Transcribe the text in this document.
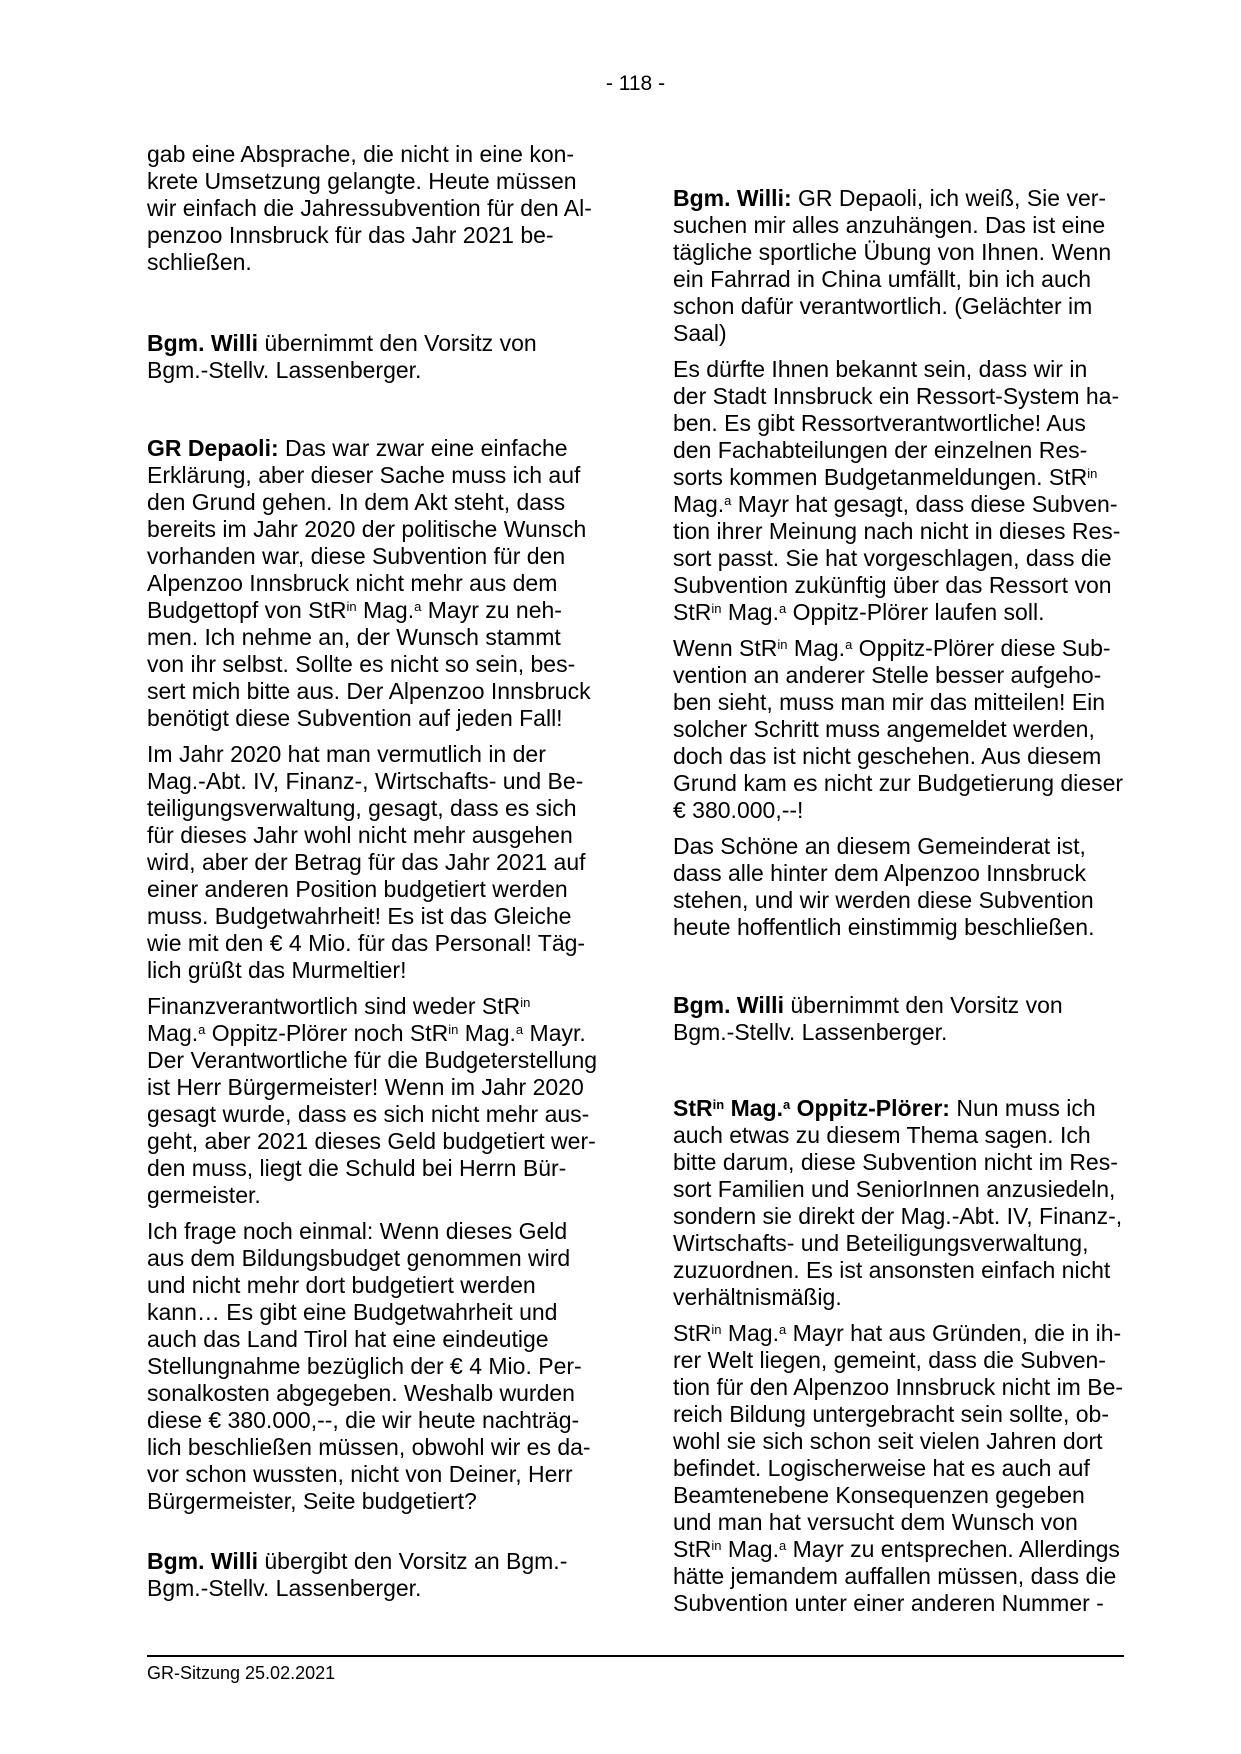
- 118 -
gab eine Absprache, die nicht in eine kon-
krete Umsetzung gelangte. Heute müssen
wir einfach die Jahressubvention für den Al-
penzoo Innsbruck für das Jahr 2021 be-
schließen.
Bgm. Willi übernimmt den Vorsitz von
Bgm.-Stellv. Lassenberger.
GR Depaoli: Das war zwar eine einfache
Erklärung, aber dieser Sache muss ich auf
den Grund gehen. In dem Akt steht, dass
bereits im Jahr 2020 der politische Wunsch
vorhanden war, diese Subvention für den
Alpenzoo Innsbruck nicht mehr aus dem
Budgettopf von StR$^{in}$ Mag.$^a$ Mayr zu neh-
men. Ich nehme an, der Wunsch stammt
von ihr selbst. Sollte es nicht so sein, bes-
sert mich bitte aus. Der Alpenzoo Innsbruck
benötigt diese Subvention auf jeden Fall!
Im Jahr 2020 hat man vermutlich in der
Mag.-Abt. IV, Finanz-, Wirtschafts- und Be-
teiligungsverwaltung, gesagt, dass es sich
für dieses Jahr wohl nicht mehr ausgehen
wird, aber der Betrag für das Jahr 2021 auf
einer anderen Position budgetiert werden
muss. Budgetwahrheit! Es ist das Gleiche
wie mit den € 4 Mio. für das Personal! Täg-
lich grüßt das Murmeltier!
Finanzverantwortlich sind weder StR$^{in}$
Mag.$^a$ Oppitz-Plörer noch StR$^{in}$ Mag.$^a$ Mayr.
Der Verantwortliche für die Budgeterstellung
ist Herr Bürgermeister! Wenn im Jahr 2020
gesagt wurde, dass es sich nicht mehr aus-
geht, aber 2021 dieses Geld budgetiert wer-
den muss, liegt die Schuld bei Herrn Bür-
germeister.
Ich frage noch einmal: Wenn dieses Geld
aus dem Bildungsbudget genommen wird
und nicht mehr dort budgetiert werden
kann… Es gibt eine Budgetwahrheit und
auch das Land Tirol hat eine eindeutige
Stellungnahme bezüglich der € 4 Mio. Per-
sonalkosten abgegeben. Weshalb wurden
diese € 380.000,--, die wir heute nachträg-
lich beschließen müssen, obwohl wir es da-
vor schon wussten, nicht von Deiner, Herr
Bürgermeister, Seite budgetiert?
Bgm. Willi übergibt den Vorsitz an Bgm.-
Bgm.-Stellv. Lassenberger.
Bgm. Willi: GR Depaoli, ich weiß, Sie ver-
suchen mir alles anzuhängen. Das ist eine
tägliche sportliche Übung von Ihnen. Wenn
ein Fahrrad in China umfällt, bin ich auch
schon dafür verantwortlich. (Gelächter im
Saal)
Es dürfte Ihnen bekannt sein, dass wir in
der Stadt Innsbruck ein Ressort-System ha-
ben. Es gibt Ressortverantwortliche! Aus
den Fachabteilungen der einzelnen Res-
sorts kommen Budgetanmeldungen. StR$^{in}$
Mag.$^a$ Mayr hat gesagt, dass diese Subven-
tion ihrer Meinung nach nicht in dieses Res-
sort passt. Sie hat vorgeschlagen, dass die
Subvention zukünftig über das Ressort von
StR$^{in}$ Mag.$^a$ Oppitz-Plörer laufen soll.
Wenn StR$^{in}$ Mag.$^a$ Oppitz-Plörer diese Sub-
vention an anderer Stelle besser aufgeho-
ben sieht, muss man mir das mitteilen! Ein
solcher Schritt muss angemeldet werden,
doch das ist nicht geschehen. Aus diesem
Grund kam es nicht zur Budgetierung dieser
€ 380.000,--!
Das Schöne an diesem Gemeinderat ist,
dass alle hinter dem Alpenzoo Innsbruck
stehen, und wir werden diese Subvention
heute hoffentlich einstimmig beschließen.
Bgm. Willi übernimmt den Vorsitz von
Bgm.-Stellv. Lassenberger.
StR$^{in}$ Mag.$^a$ Oppitz-Plörer: Nun muss ich
auch etwas zu diesem Thema sagen. Ich
bitte darum, diese Subvention nicht im Res-
sort Familien und SeniorInnen anzusiedeln,
sondern sie direkt der Mag.-Abt. IV, Finanz-,
Wirtschafts- und Beteiligungsverwaltung,
zuzuordnen. Es ist ansonsten einfach nicht
verhältnismäßig.
StR$^{in}$ Mag.$^a$ Mayr hat aus Gründen, die in ih-
rer Welt liegen, gemeint, dass die Subven-
tion für den Alpenzoo Innsbruck nicht im Be-
reich Bildung untergebracht sein sollte, ob-
wohl sie sich schon seit vielen Jahren dort
befindet. Logischerweise hat es auch auf
Beamtenebene Konsequenzen gegeben
und man hat versucht dem Wunsch von
StR$^{in}$ Mag.$^a$ Mayr zu entsprechen. Allerdings
hätte jemandem auffallen müssen, dass die
Subvention unter einer anderen Nummer -
GR-Sitzung 25.02.2021
